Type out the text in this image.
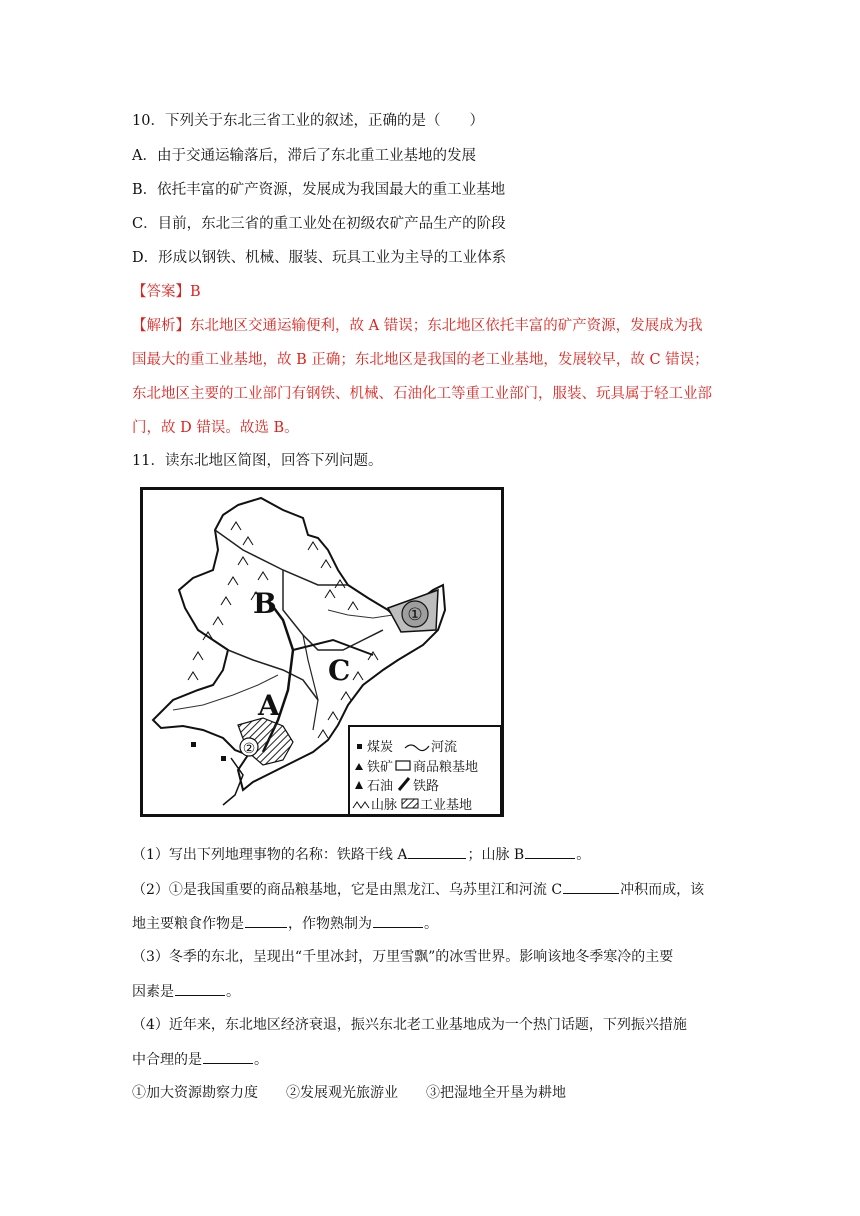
10．下列关于东北三省工业的叙述，正确的是（　　）
A．由于交通运输落后，滞后了东北重工业基地的发展
B．依托丰富的矿产资源，发展成为我国最大的重工业基地
C．目前，东北三省的重工业处在初级农矿产品生产的阶段
D．形成以钢铁、机械、服装、玩具工业为主导的工业体系
【答案】B
【解析】东北地区交通运输便利，故 A 错误；东北地区依托丰富的矿产资源，发展成为我
国最大的重工业基地，故 B 正确；东北地区是我国的老工业基地，发展较早，故 C 错误；
东北地区主要的工业部门有钢铁、机械、石油化工等重工业部门，服装、玩具属于轻工业部
门，故 D 错误。故选 B。
11．读东北地区简图，回答下列问题。
①
②
B
A
C
煤炭	河流
铁矿 商品粮基地
石油 铁路
山脉 工业基地
（1）写出下列地理事物的名称：铁路干线 A	；山脉 B	。
（2）①是我国重要的商品粮基地，它是由黑龙江、乌苏里江和河流 C	冲积而成，该
地主要粮食作物是	，作物熟制为	。
（3）冬季的东北，呈现出“千里冰封，万里雪飘”的冰雪世界。影响该地冬季寒冷的主要
因素是	。
（4）近年来，东北地区经济衰退，振兴东北老工业基地成为一个热门话题，下列振兴措施
中合理的是	。
①加大资源勘察力度 ②发展观光旅游业 ③把湿地全开垦为耕地
